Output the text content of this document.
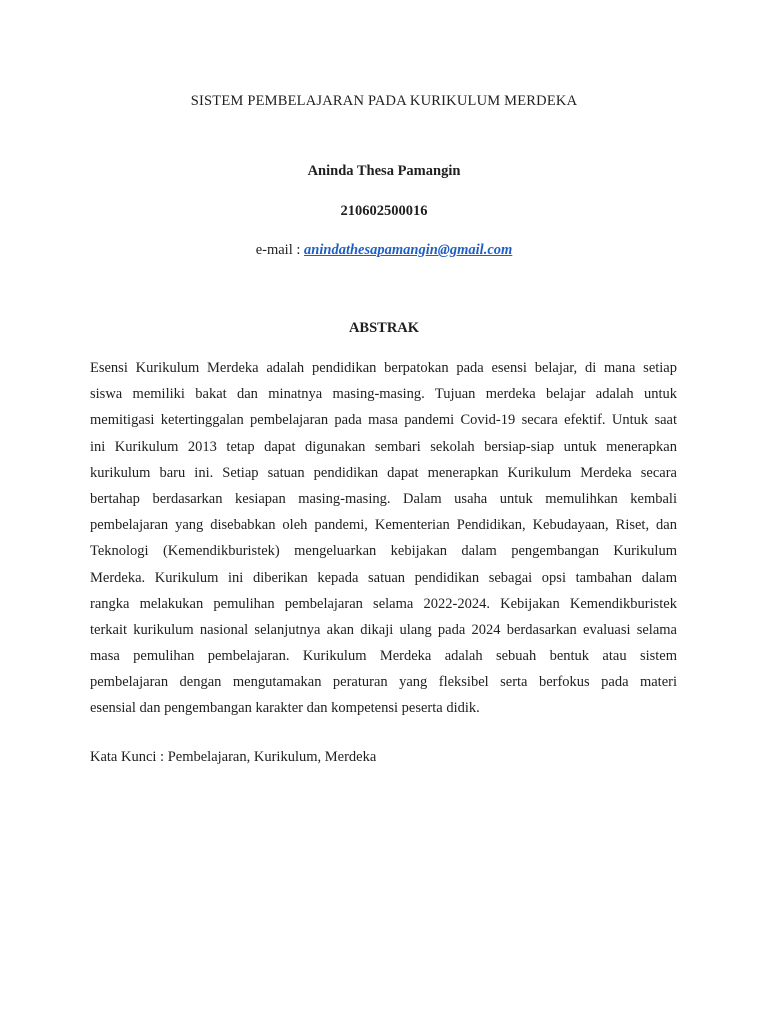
SISTEM PEMBELAJARAN PADA KURIKULUM MERDEKA
Aninda Thesa Pamangin
210602500016
e-mail : anindathesapamangin@gmail.com
ABSTRAK
Esensi Kurikulum Merdeka adalah pendidikan berpatokan pada esensi belajar, di mana setiap
siswa memiliki bakat dan minatnya masing-masing. Tujuan merdeka belajar adalah untuk
memitigasi ketertinggalan pembelajaran pada masa pandemi Covid-19 secara efektif. Untuk saat
ini Kurikulum 2013 tetap dapat digunakan sembari sekolah bersiap-siap untuk menerapkan
kurikulum baru ini. Setiap satuan pendidikan dapat menerapkan Kurikulum Merdeka secara
bertahap berdasarkan kesiapan masing-masing. Dalam usaha untuk memulihkan kembali
pembelajaran yang disebabkan oleh pandemi, Kementerian Pendidikan, Kebudayaan, Riset, dan
Teknologi (Kemendikburistek) mengeluarkan kebijakan dalam pengembangan Kurikulum
Merdeka. Kurikulum ini diberikan kepada satuan pendidikan sebagai opsi tambahan dalam
rangka melakukan pemulihan pembelajaran selama 2022-2024. Kebijakan Kemendikburistek
terkait kurikulum nasional selanjutnya akan dikaji ulang pada 2024 berdasarkan evaluasi selama
masa pemulihan pembelajaran. Kurikulum Merdeka adalah sebuah bentuk atau sistem
pembelajaran dengan mengutamakan peraturan yang fleksibel serta berfokus pada materi
esensial dan pengembangan karakter dan kompetensi peserta didik.
Kata Kunci : Pembelajaran, Kurikulum, Merdeka
